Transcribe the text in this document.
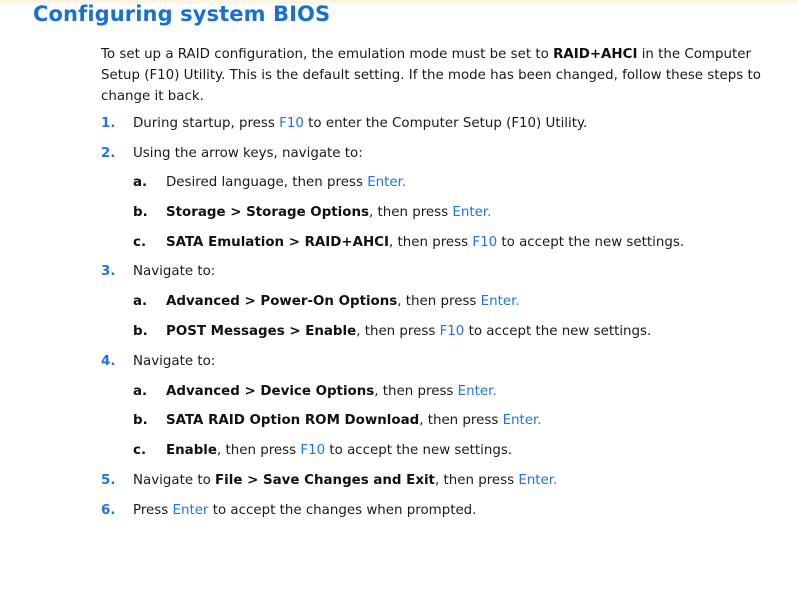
Configuring system BIOS

To set up a RAID configuration, the emulation mode must be set to RAID+AHCI in the Computer Setup (F10) Utility. This is the default setting. If the mode has been changed, follow these steps to change it back.

1. During startup, press F10 to enter the Computer Setup (F10) Utility.
2. Using the arrow keys, navigate to:
a. Desired language, then press Enter.
b. Storage > Storage Options, then press Enter.
c. SATA Emulation > RAID+AHCI, then press F10 to accept the new settings.
3. Navigate to:
a. Advanced > Power-On Options, then press Enter.
b. POST Messages > Enable, then press F10 to accept the new settings.
4. Navigate to:
a. Advanced > Device Options, then press Enter.
b. SATA RAID Option ROM Download, then press Enter.
c. Enable, then press F10 to accept the new settings.
5. Navigate to File > Save Changes and Exit, then press Enter.
6. Press Enter to accept the changes when prompted.
